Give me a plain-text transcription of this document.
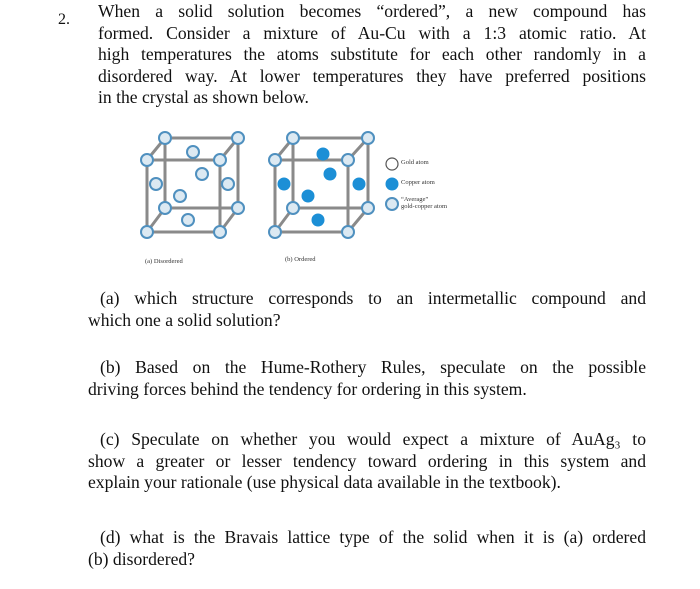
2. When a solid solution becomes “ordered”, a new compound has
formed. Consider a mixture of Au-Cu with a 1:3 atomic ratio. At
high temperatures the atoms substitute for each other randomly in a
disordered way. At lower temperatures they have preferred positions
in the crystal as shown below.

Gold atom
Copper atom
“Average”
gold-copper atom
(a) Disordered	(b) Ordered

(a) which structure corresponds to an intermetallic compound and
which one a solid solution?

(b) Based on the Hume-Rothery Rules, speculate on the possible
driving forces behind the tendency for ordering in this system.

(c) Speculate on whether you would expect a mixture of AuAg₃ to
show a greater or lesser tendency toward ordering in this system and
explain your rationale (use physical data available in the textbook).

(d) what is the Bravais lattice type of the solid when it is (a) ordered
(b) disordered?
